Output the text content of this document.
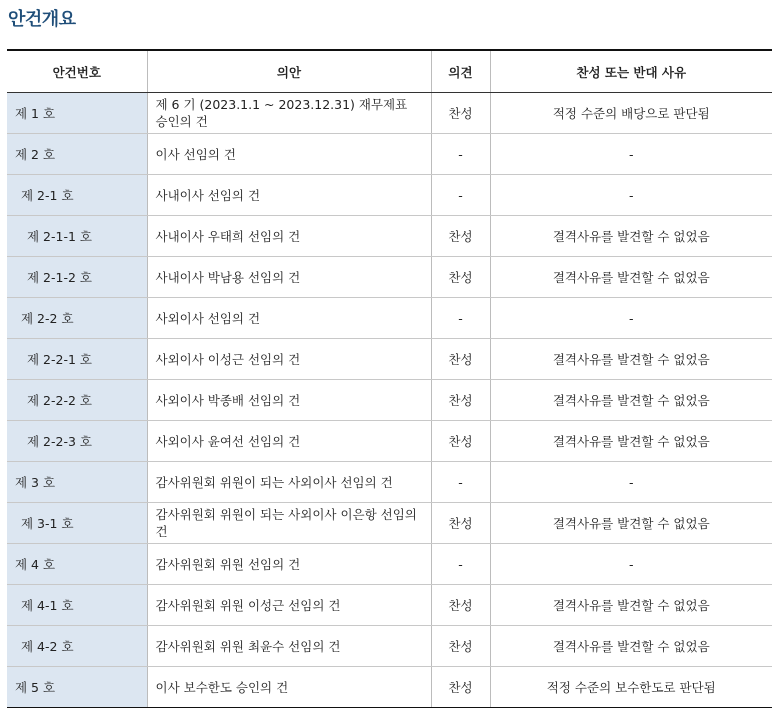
안건개요
안건번호	의안	의견	찬성 또는 반대 사유
제 1 호	제 6 기 (2023.1.1 ~ 2023.12.31) 재무제표 승인의 건	찬성	적정 수준의 배당으로 판단됨
제 2 호	이사 선임의 건	-	-
제 2-1 호	사내이사 선임의 건	-	-
제 2-1-1 호	사내이사 우태희 선임의 건	찬성	결격사유를 발견할 수 없었음
제 2-1-2 호	사내이사 박남용 선임의 건	찬성	결격사유를 발견할 수 없었음
제 2-2 호	사외이사 선임의 건	-	-
제 2-2-1 호	사외이사 이성근 선임의 건	찬성	결격사유를 발견할 수 없었음
제 2-2-2 호	사외이사 박종배 선임의 건	찬성	결격사유를 발견할 수 없었음
제 2-2-3 호	사외이사 윤여선 선임의 건	찬성	결격사유를 발견할 수 없었음
제 3 호	감사위원회 위원이 되는 사외이사 선임의 건	-	-
제 3-1 호	감사위원회 위원이 되는 사외이사 이은항 선임의 건	찬성	결격사유를 발견할 수 없었음
제 4 호	감사위원회 위원 선임의 건	-	-
제 4-1 호	감사위원회 위원 이성근 선임의 건	찬성	결격사유를 발견할 수 없었음
제 4-2 호	감사위원회 위원 최윤수 선임의 건	찬성	결격사유를 발견할 수 없었음
제 5 호	이사 보수한도 승인의 건	찬성	적정 수준의 보수한도로 판단됨
